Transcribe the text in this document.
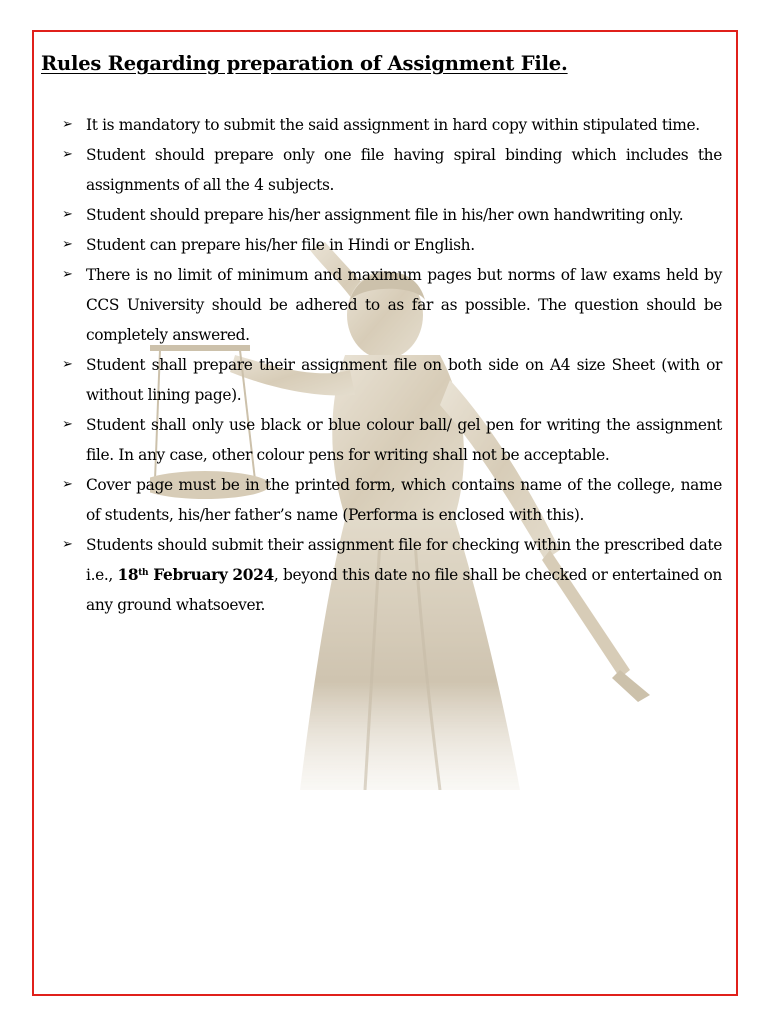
Rules Regarding preparation of Assignment File.
➢ It is mandatory to submit the said assignment in hard copy within stipulated time.
➢ Student should prepare only one file having spiral binding which includes the assignments of all the 4 subjects.
➢ Student should prepare his/her assignment file in his/her own handwriting only.
➢ Student can prepare his/her file in Hindi or English.
➢ There is no limit of minimum and maximum pages but norms of law exams held by CCS University should be adhered to as far as possible. The question should be completely answered.
➢ Student shall prepare their assignment file on both side on A4 size Sheet (with or without lining page).
➢ Student shall only use black or blue colour ball/ gel pen for writing the assignment file. In any case, other colour pens for writing shall not be acceptable.
➢ Cover page must be in the printed form, which contains name of the college, name of students, his/her father’s name (Performa is enclosed with this).
➢ Students should submit their assignment file for checking within the prescribed date i.e., 18th February 2024, beyond this date no file shall be checked or entertained on any ground whatsoever.
